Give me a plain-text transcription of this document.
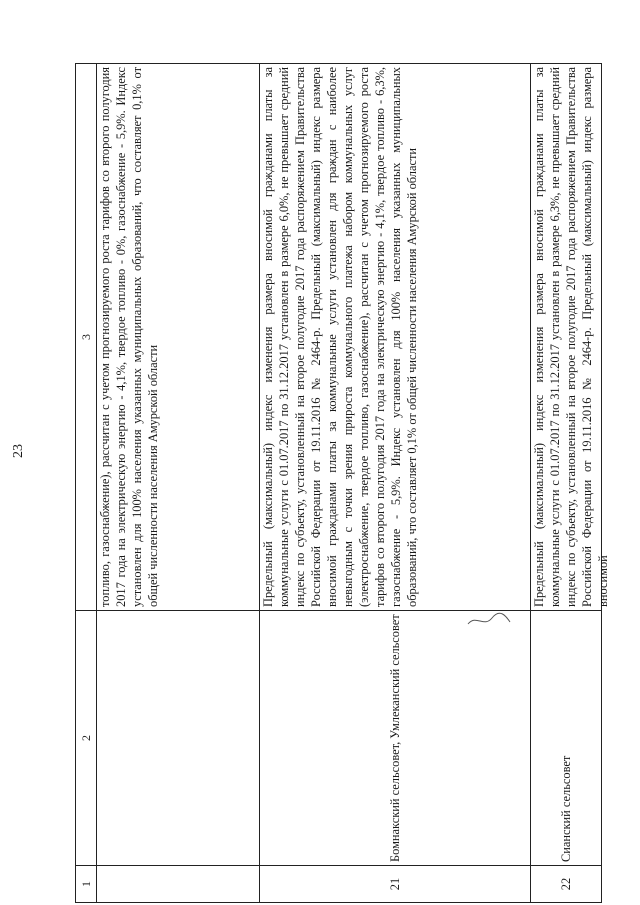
23
1	2	3
		топливо, газоснабжение), рассчитан с учетом прогнозируемого роста тарифов со второго полугодия 2017 года на электрическую энергию - 4,1%, твердое топливо - 0%, газоснабжение - 5,9%. Индекс установлен для 100% населения указанных муниципальных образований, что составляет 0,1% от общей численности населения Амурской области
21	Бомнакский сельсовет, Умлеканский сельсовет	Предельный (максимальный) индекс изменения размера вносимой гражданами платы за коммунальные услуги с 01.07.2017 по 31.12.2017 установлен в размере 6,0%, не превышает средний индекс по субъекту, установленный на второе полугодие 2017 года распоряжением Правительства Российской Федерации от 19.11.2016 № 2464-р. Предельный (максимальный) индекс размера вносимой гражданами платы за коммунальные услуги установлен для граждан с наиболее невыгодным с точки зрения прироста коммунального платежа набором коммунальных услуг (электроснабжение, твердое топливо, газоснабжение), рассчитан с учетом прогнозируемого роста тарифов со второго полугодия 2017 года на электрическую энергию - 4,1%, твердое топливо - 6,3%, газоснабжение - 5,9%. Индекс установлен для 100% населения указанных муниципальных образований, что составляет 0,1% от общей численности населения Амурской области
22	Сианский сельсовет	Предельный (максимальный) индекс изменения размера вносимой гражданами платы за коммунальные услуги с 01.07.2017 по 31.12.2017 установлен в размере 6,3%, не превышает средний индекс по субъекту, установленный на второе полугодие 2017 года распоряжением Правительства Российской Федерации от 19.11.2016 № 2464-р. Предельный (максимальный) индекс размера вносимой
